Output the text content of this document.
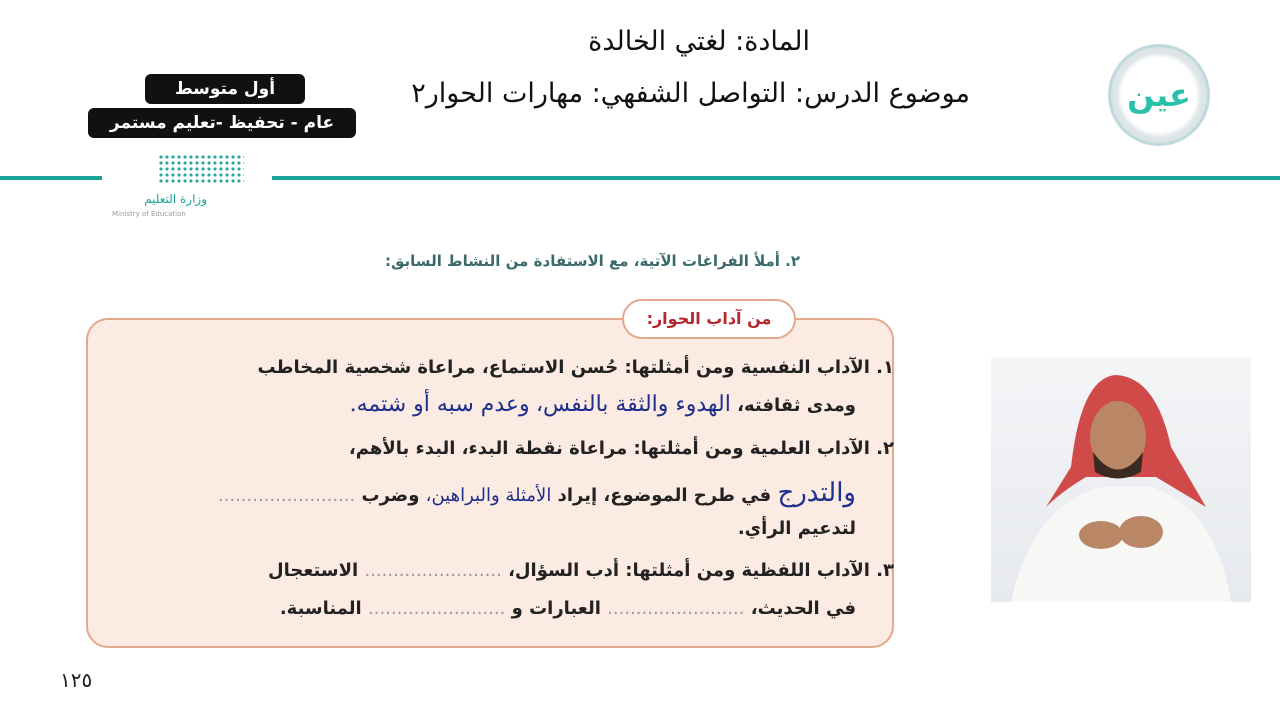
المادة: لغتي الخالدة
موضوع الدرس: التواصل الشفهي: مهارات الحوار٢
أول متوسط
عام - تحفيظ -تعليم مستمر
وزارة التعليم
Ministry of Education
عين
٢. أملأ الفراغات الآتية، مع الاستفادة من النشاط السابق:
من آداب الحوار:
١. الآداب النفسية ومن أمثلتها: حُسن الاستماع، مراعاة شخصية المخاطب
ومدى ثقافته، الهدوء والثقة بالنفس، وعدم سبه أو شتمه.
٢. الآداب العلمية ومن أمثلتها: مراعاة نقطة البدء، البدء بالأهم،
والتدرج في طرح الموضوع، إيراد الأمثلة والبراهين، وضرب ........................
لتدعيم الرأي.
٣. الآداب اللفظية ومن أمثلتها: أدب السؤال، ........................ الاستعجال
في الحديث، ........................ العبارات و ........................ المناسبة.
١٢٥
